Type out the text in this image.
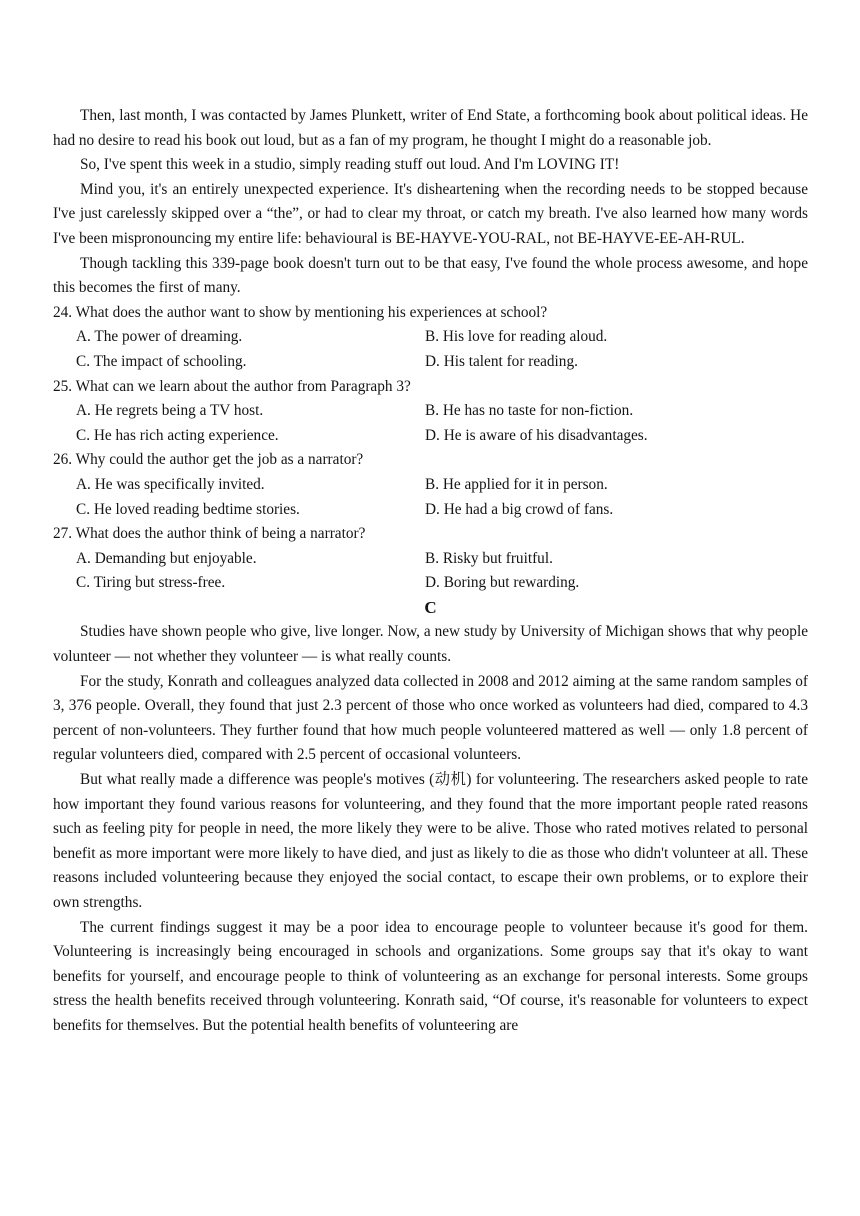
Then, last month, I was contacted by James Plunkett, writer of End State, a forthcoming book about political ideas. He had no desire to read his book out loud, but as a fan of my program, he thought I might do a reasonable job.

So, I've spent this week in a studio, simply reading stuff out loud. And I'm LOVING IT!

Mind you, it's an entirely unexpected experience. It's disheartening when the recording needs to be stopped because I've just carelessly skipped over a “the”, or had to clear my throat, or catch my breath. I've also learned how many words I've been mispronouncing my entire life: behavioural is BE-HAYVE-YOU-RAL, not BE-HAYVE-EE-AH-RUL.

Though tackling this 339-page book doesn't turn out to be that easy, I've found the whole process awesome, and hope this becomes the first of many.

24. What does the author want to show by mentioning his experiences at school?

A. The power of dreaming.	B. His love for reading aloud.
C. The impact of schooling.	D. His talent for reading.

25. What can we learn about the author from Paragraph 3?

A. He regrets being a TV host.	B. He has no taste for non-fiction.
C. He has rich acting experience.	D. He is aware of his disadvantages.

26. Why could the author get the job as a narrator?

A. He was specifically invited.	B. He applied for it in person.
C. He loved reading bedtime stories.	D. He had a big crowd of fans.

27. What does the author think of being a narrator?

A. Demanding but enjoyable.	B. Risky but fruitful.
C. Tiring but stress-free.	D. Boring but rewarding.

C

Studies have shown people who give, live longer. Now, a new study by University of Michigan shows that why people volunteer — not whether they volunteer — is what really counts.

For the study, Konrath and colleagues analyzed data collected in 2008 and 2012 aiming at the same random samples of 3, 376 people. Overall, they found that just 2.3 percent of those who once worked as volunteers had died, compared to 4.3 percent of non-volunteers. They further found that how much people volunteered mattered as well — only 1.8 percent of regular volunteers died, compared with 2.5 percent of occasional volunteers.

But what really made a difference was people's motives (动机) for volunteering. The researchers asked people to rate how important they found various reasons for volunteering, and they found that the more important people rated reasons such as feeling pity for people in need, the more likely they were to be alive. Those who rated motives related to personal benefit as more important were more likely to have died, and just as likely to die as those who didn't volunteer at all. These reasons included volunteering because they enjoyed the social contact, to escape their own problems, or to explore their own strengths.

The current findings suggest it may be a poor idea to encourage people to volunteer because it's good for them. Volunteering is increasingly being encouraged in schools and organizations. Some groups say that it's okay to want benefits for yourself, and encourage people to think of volunteering as an exchange for personal interests. Some groups stress the health benefits received through volunteering. Konrath said, “Of course, it's reasonable for volunteers to expect benefits for themselves. But the potential health benefits of volunteering are
